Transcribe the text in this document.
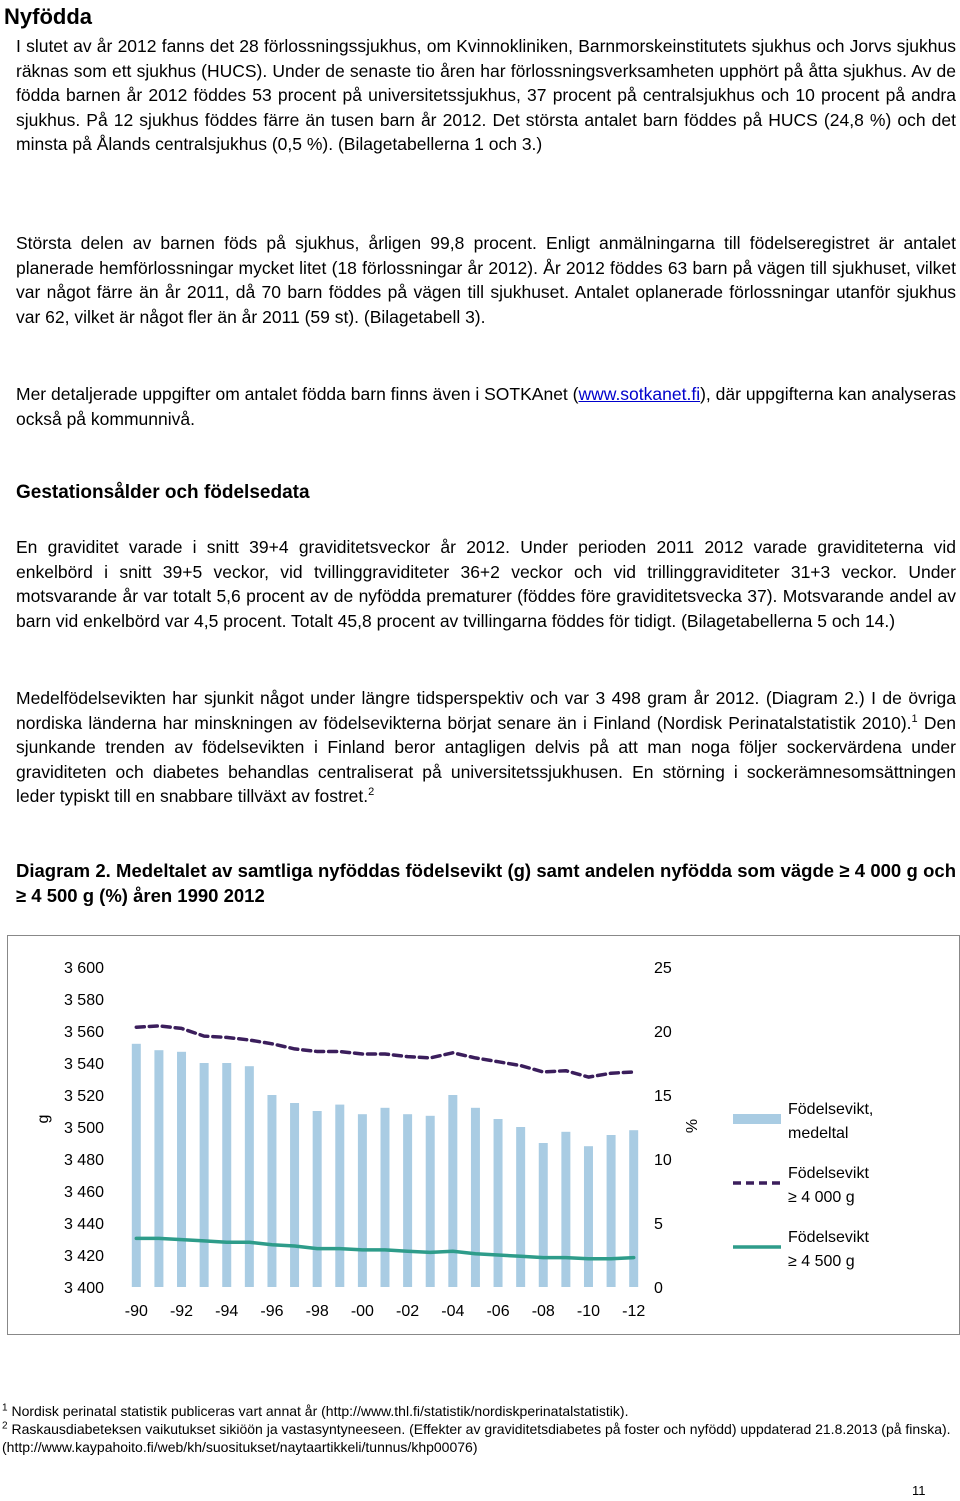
Nyfödda

I slutet av år 2012 fanns det 28 förlossningssjukhus, om Kvinnokliniken, Barnmorskeinstitutets sjukhus och Jorvs sjukhus räknas som ett sjukhus (HUCS). Under de senaste tio åren har förlossningsverksamheten upphört på åtta sjukhus. Av de födda barnen år 2012 föddes 53 procent på universitetssjukhus, 37 procent på centralsjukhus och 10 procent på andra sjukhus. På 12 sjukhus föddes färre än tusen barn år 2012. Det största antalet barn föddes på HUCS (24,8 %) och det minsta på Ålands centralsjukhus (0,5 %). (Bilagetabellerna 1 och 3.)

Största delen av barnen föds på sjukhus, årligen 99,8 procent. Enligt anmälningarna till födelseregistret är antalet planerade hemförlossningar mycket litet (18 förlossningar år 2012). År 2012 föddes 63 barn på vägen till sjukhuset, vilket var något färre än år 2011, då 70 barn föddes på vägen till sjukhuset. Antalet oplanerade förlossningar utanför sjukhus var 62, vilket är något fler än år 2011 (59 st). (Bilagetabell 3).

Mer detaljerade uppgifter om antalet födda barn finns även i SOTKAnet (www.sotkanet.fi), där uppgifterna kan analyseras också på kommunnivå.

Gestationsålder och födelsedata

En graviditet varade i snitt 39+4 graviditetsveckor år 2012. Under perioden 2011 2012 varade graviditeterna vid enkelbörd i snitt 39+5 veckor, vid tvillinggraviditeter 36+2 veckor och vid trillinggraviditeter 31+3 veckor. Under motsvarande år var totalt 5,6 procent av de nyfödda prematurer (föddes före graviditetsvecka 37). Motsvarande andel av barn vid enkelbörd var 4,5 procent. Totalt 45,8 procent av tvillingarna föddes för tidigt. (Bilagetabellerna 5 och 14.)

Medelfödelsevikten har sjunkit något under längre tidsperspektiv och var 3 498 gram år 2012. (Diagram 2.) I de övriga nordiska länderna har minskningen av födelsevikterna börjat senare än i Finland (Nordisk Perinatalstatistik 2010).$^1$ Den sjunkande trenden av födelsevikten i Finland beror antagligen delvis på att man noga följer sockervärdena under graviditeten och diabetes behandlas centraliserat på universitetssjukhusen. En störning i sockerämnesomsättningen leder typiskt till en snabbare tillväxt av fostret.$^2$

Diagram 2. Medeltalet av samtliga nyföddas födelsevikt (g) samt andelen nyfödda som vägde ≥ 4 000 g och ≥ 4 500 g (%) åren 1990 2012

3 600
3 580
3 560
3 540
3 520
3 500
3 480
3 460
3 440
3 420
3 400
25
20
15
10
5
0
g	%
-90 -92 -94 -96 -98 -00 -02 -04 -06 -08 -10 -12
Födelsevikt,
medeltal
Födelsevikt
≥ 4 000 g
Födelsevikt
≥ 4 500 g
$^1$ Nordisk perinatal statistik publiceras vart annat år (http://www.thl.fi/statistik/nordiskperinatalstatistik).
$^2$ Raskausdiabeteksen vaikutukset sikiöön ja vastasyntyneeseen. (Effekter av graviditetsdiabetes på foster och nyfödd) uppdaterad 21.8.2013 (på finska). (http://www.kaypahoito.fi/web/kh/suositukset/naytaartikkeli/tunnus/khp00076)
11
